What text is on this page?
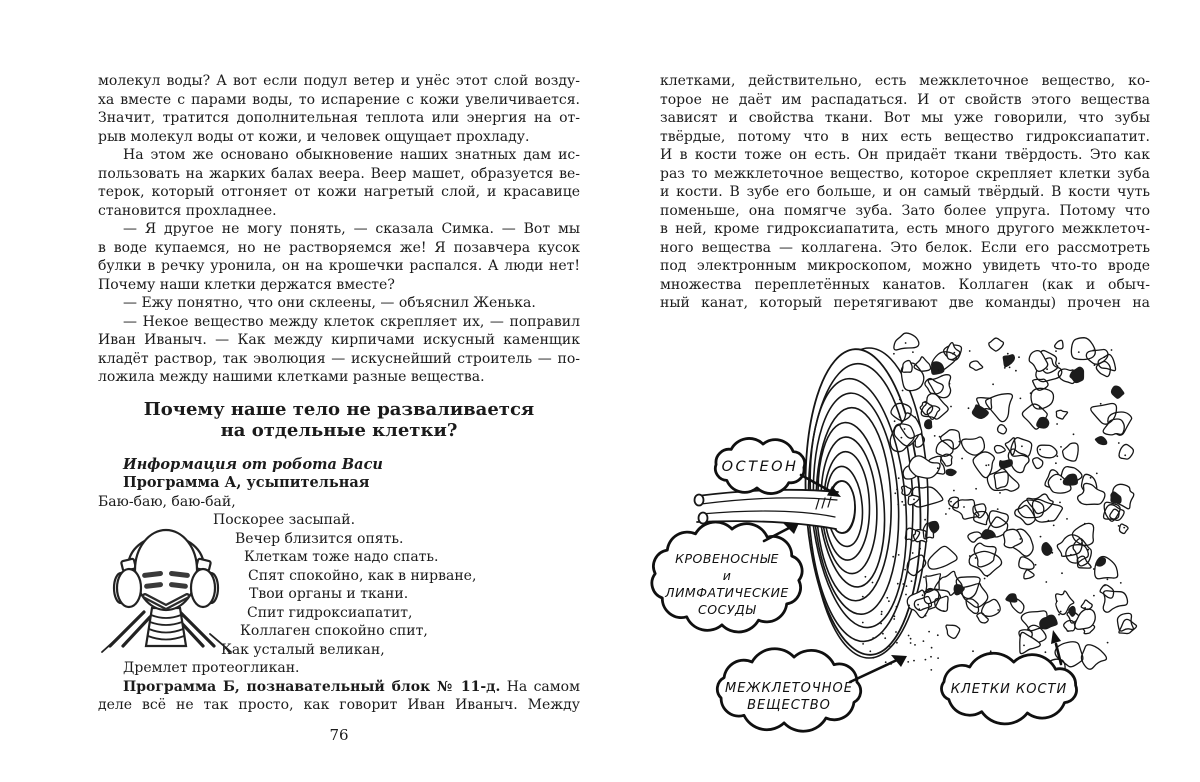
молекул воды? А вот если подул ветер и унёс этот слой возду-
ха вместе с парами воды, то испарение с кожи увеличивается.
Значит, тратится дополнительная теплота или энергия на от-
рыв молекул воды от кожи, и человек ощущает прохладу.
На этом же основано обыкновение наших знатных дам ис-
пользовать на жарких балах веера. Веер машет, образуется ве-
терок, который отгоняет от кожи нагретый слой, и красавице
становится прохладнее.
— Я другое не могу понять, — сказала Симка. — Вот мы
в воде купаемся, но не растворяемся же! Я позавчера кусок
булки в речку уронила, он на крошечки распался. А люди нет!
Почему наши клетки держатся вместе?
— Ежу понятно, что они склеены, — объяснил Женька.
— Некое вещество между клеток скрепляет их, — поправил
Иван Иваныч. — Как между кирпичами искусный каменщик
кладёт раствор, так эволюция — искуснейший строитель — по-
ложила между нашими клетками разные вещества.
Почему наше тело не разваливается
на отдельные клетки?
Информация от робота Васи
Программа А, усыпительная
Баю-баю, баю-бай,
Поскорее засыпай.
Вечер близится опять.
Клеткам тоже надо спать.
Спят спокойно, как в нирване,
Твои органы и ткани.
Спит гидроксиапатит,
Коллаген спокойно спит,
Как усталый великан,
Дремлет протеогликан.
Программа Б, познавательный блок № 11-д. На самом
деле всё не так просто, как говорит Иван Иваныч. Между
76
клетками, действительно, есть межклеточное вещество, ко-
торое не даёт им распадаться. И от свойств этого вещества
зависят и свойства ткани. Вот мы уже говорили, что зубы
твёрдые, потому что в них есть вещество гидроксиапатит.
И в кости тоже он есть. Он придаёт ткани твёрдость. Это как
раз то межклеточное вещество, которое скрепляет клетки зуба
и кости. В зубе его больше, и он самый твёрдый. В кости чуть
поменьше, она помягче зуба. Зато более упруга. Потому что
в ней, кроме гидроксиапатита, есть много другого межклеточ-
ного вещества — коллагена. Это белок. Если его рассмотреть
под электронным микроскопом, можно увидеть что-то вроде
множества переплетённых канатов. Коллаген (как и обыч-
ный канат, который перетягивают две команды) прочен на
ОСТЕОН
КРОВЕНОСНЫЕ
и
ЛИМФАТИЧЕСКИЕ
СОСУДЫ
МЕЖКЛЕТОЧНОЕ
ВЕЩЕСТВО
КЛЕТКИ КОСТИ
